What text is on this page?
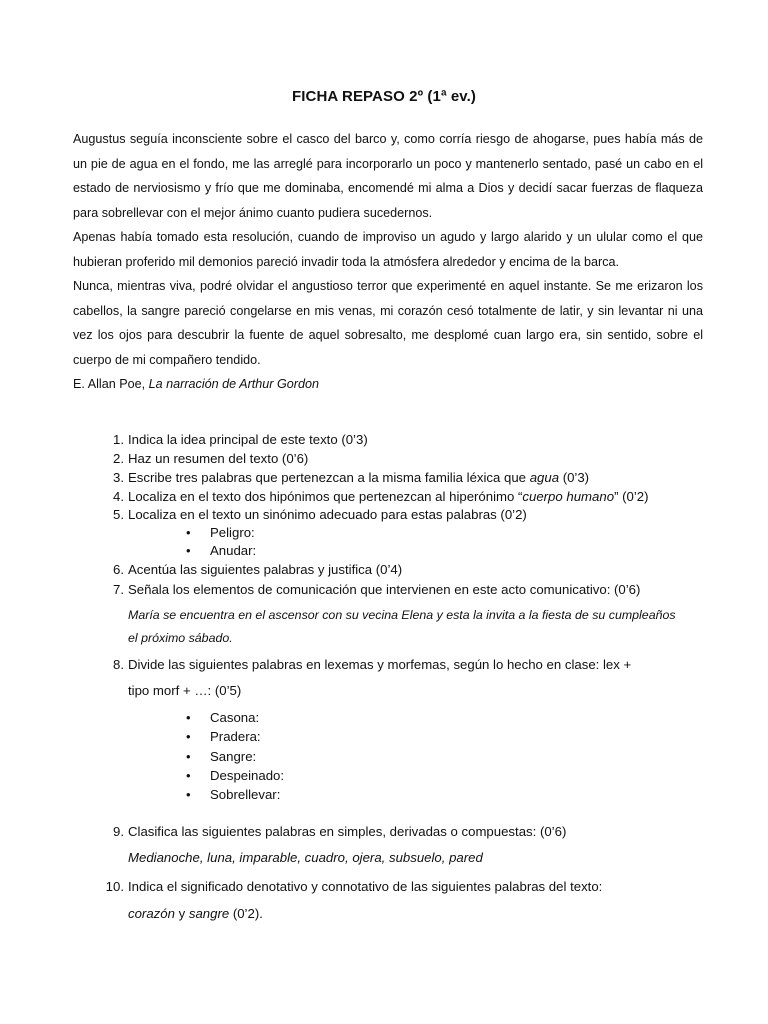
FICHA REPASO 2º (1ª ev.)

Augustus seguía inconsciente sobre el casco del barco y, como corría riesgo de ahogarse, pues había más de un pie de agua en el fondo, me las arreglé para incorporarlo un poco y mantenerlo sentado, pasé un cabo en el estado de nerviosismo y frío que me dominaba, encomendé mi alma a Dios y decidí sacar fuerzas de flaqueza para sobrellevar con el mejor ánimo cuanto pudiera sucedernos.

Apenas había tomado esta resolución, cuando de improviso un agudo y largo alarido y un ulular como el que hubieran proferido mil demonios pareció invadir toda la atmósfera alrededor y encima de la barca.

Nunca, mientras viva, podré olvidar el angustioso terror que experimenté en aquel instante. Se me erizaron los cabellos, la sangre pareció congelarse en mis venas, mi corazón cesó totalmente de latir, y sin levantar ni una vez los ojos para descubrir la fuente de aquel sobresalto, me desplomé cuan largo era, sin sentido, sobre el cuerpo de mi compañero tendido.

E. Allan Poe, La narración de Arthur Gordon

1. Indica la idea principal de este texto (0’3)
2. Haz un resumen del texto (0’6)
3. Escribe tres palabras que pertenezcan a la misma familia léxica que agua (0’3)
4. Localiza en el texto dos hipónimos que pertenezcan al hiperónimo “cuerpo humano” (0’2)
5. Localiza en el texto un sinónimo adecuado para estas palabras (0’2)
• Peligro:
• Anudar:
6. Acentúa las siguientes palabras y justifica (0’4)
7. Señala los elementos de comunicación que intervienen en este acto comunicativo: (0’6)
María se encuentra en el ascensor con su vecina Elena y esta la invita a la fiesta de su cumpleaños
el próximo sábado.
8. Divide las siguientes palabras en lexemas y morfemas, según lo hecho en clase: lex +
tipo morf + …: (0’5)
• Casona:
• Pradera:
• Sangre:
• Despeinado:
• Sobrellevar:
9. Clasifica las siguientes palabras en simples, derivadas o compuestas: (0’6)
Medianoche, luna, imparable, cuadro, ojera, subsuelo, pared
10. Indica el significado denotativo y connotativo de las siguientes palabras del texto:
corazón y sangre (0’2).
